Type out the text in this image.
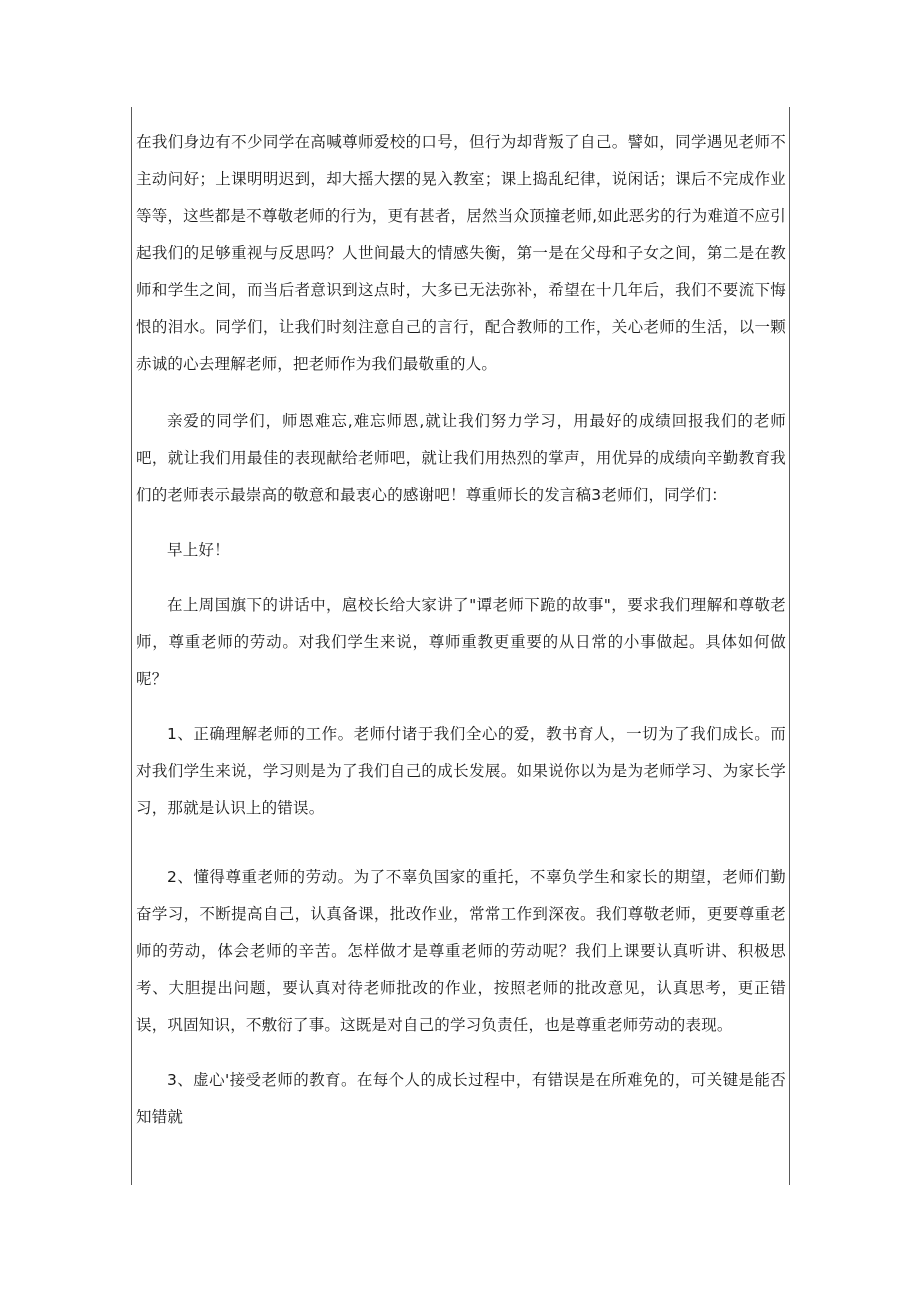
在我们身边有不少同学在高喊尊师爱校的口号，但行为却背叛了自己。譬如，同学遇见老师不主动问好；上课明明迟到，却大摇大摆的晃入教室；课上捣乱纪律，说闲话；课后不完成作业等等，这些都是不尊敬老师的行为，更有甚者，居然当众顶撞老师,如此恶劣的行为难道不应引起我们的足够重视与反思吗？人世间最大的情感失衡，第一是在父母和子女之间，第二是在教师和学生之间，而当后者意识到这点时，大多已无法弥补，希望在十几年后，我们不要流下悔恨的泪水。同学们，让我们时刻注意自己的言行，配合教师的工作，关心老师的生活，以一颗赤诚的心去理解老师，把老师作为我们最敬重的人。

亲爱的同学们，师恩难忘,难忘师恩,就让我们努力学习，用最好的成绩回报我们的老师吧，就让我们用最佳的表现献给老师吧，就让我们用热烈的掌声，用优异的成绩向辛勤教育我们的老师表示最崇高的敬意和最衷心的感谢吧！尊重师长的发言稿3老师们，同学们：

早上好！

在上周国旗下的讲话中，扈校长给大家讲了"谭老师下跪的故事"，要求我们理解和尊敬老师，尊重老师的劳动。对我们学生来说，尊师重教更重要的从日常的小事做起。具体如何做呢？

1、正确理解老师的工作。老师付诸于我们全心的爱，教书育人，一切为了我们成长。而对我们学生来说，学习则是为了我们自己的成长发展。如果说你以为是为老师学习、为家长学习，那就是认识上的错误。

2、懂得尊重老师的劳动。为了不辜负国家的重托，不辜负学生和家长的期望，老师们勤奋学习，不断提高自己，认真备课，批改作业，常常工作到深夜。我们尊敬老师，更要尊重老师的劳动，体会老师的辛苦。怎样做才是尊重老师的劳动呢？我们上课要认真听讲、积极思考、大胆提出问题，要认真对待老师批改的作业，按照老师的批改意见，认真思考，更正错误，巩固知识，不敷衍了事。这既是对自己的学习负责任，也是尊重老师劳动的表现。

3、虚心'接受老师的教育。在每个人的成长过程中，有错误是在所难免的，可关键是能否知错就
